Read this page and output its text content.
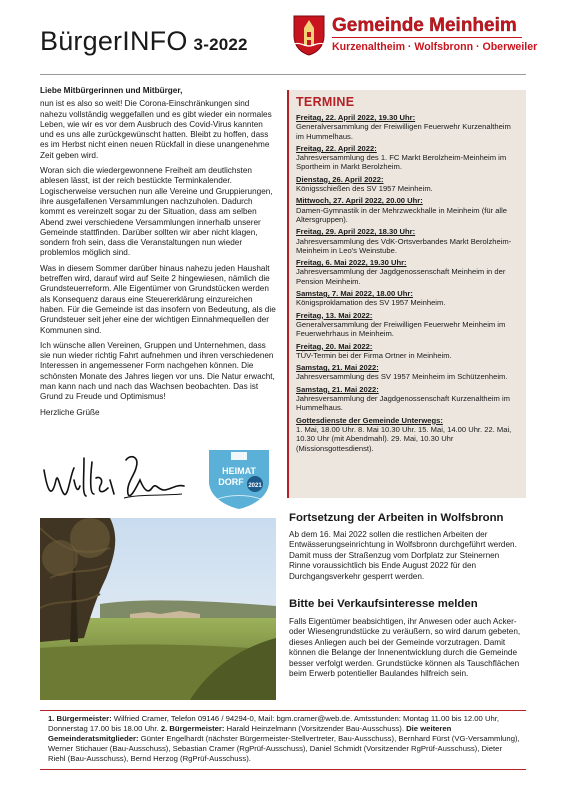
BürgerINFO 3-2022
Gemeinde Meinheim
Kurzenaltheim · Wolfsbronn · Oberweiler

Liebe Mitbürgerinnen und Mitbürger,

nun ist es also so weit! Die Corona-Einschränkungen sind nahezu vollständig weggefallen und es gibt wieder ein normales Leben, wie wir es vor dem Ausbruch des Covid-Virus kannten und es uns alle zurückgewünscht hatten. Bleibt zu hoffen, dass es im Herbst nicht einen neuen Rückfall in diese unangenehme Zeit geben wird.

Woran sich die wiedergewonnene Freiheit am deutlichsten ablesen lässt, ist der reich bestückte Terminkalender. Logischerweise versuchen nun alle Vereine und Gruppierungen, ihre ausgefallenen Versammlungen nachzuholen. Dadurch kommt es vereinzelt sogar zu der Situation, dass am selben Abend zwei verschiedene Versammlungen innerhalb unserer Gemeinde stattfinden. Darüber sollten wir aber nicht klagen, sondern froh sein, dass die Veranstaltungen nun wieder problemlos möglich sind.

Was in diesem Sommer darüber hinaus nahezu jeden Haushalt betreffen wird, darauf wird auf Seite 2 hingewiesen, nämlich die Grundsteuerreform. Alle Eigentümer von Grundstücken werden als Konsequenz daraus eine Steuererklärung einzureichen haben. Für die Gemeinde ist das insofern von Bedeutung, als die Grundsteuer seit jeher eine der wichtigen Einnahmequellen der Kommunen sind.

Ich wünsche allen Vereinen, Gruppen und Unternehmen, dass sie nun wieder richtig Fahrt aufnehmen und ihren verschiedenen Interessen in angemessener Form nachgehen können. Die schönsten Monate des Jahres liegen vor uns. Die Natur erwacht, man kann nach und nach das Wachsen beobachten. Das ist Grund zu Freude und Optimismus!

Herzliche Grüße

HEIMAT
DORF 2021
TERMINE
Freitag, 22. April 2022, 19.30 Uhr:
Generalversammlung der Freiwilligen Feuerwehr Kurzenaltheim im Hummelhaus.
Freitag, 22. April 2022:
Jahresversammlung des 1. FC Markt Berolzheim-Meinheim im Sportheim in Markt Berolzheim.
Dienstag, 26. April 2022:
Königsschießen des SV 1957 Meinheim.
Mittwoch, 27. April 2022, 20.00 Uhr:
Damen-Gymnastik in der Mehrzweckhalle in Meinheim (für alle Altersgruppen).
Freitag, 29. April 2022, 18.30 Uhr:
Jahresversammlung des VdK-Ortsverbandes Markt Berolzheim-Meinheim in Leo's Weinstube.
Freitag, 6. Mai 2022, 19.30 Uhr:
Jahresversammlung der Jagdgenossenschaft Meinheim in der Pension Meinheim.
Samstag, 7. Mai 2022, 18.00 Uhr:
Königsproklamation des SV 1957 Meinheim.
Freitag, 13. Mai 2022:
Generalversammlung der Freiwilligen Feuerwehr Meinheim im Feuerwehrhaus in Meinheim.
Freitag, 20. Mai 2022:
TÜV-Termin bei der Firma Ortner in Meinheim.
Samstag, 21. Mai 2022:
Jahresversammlung des SV 1957 Meinheim im Schützenheim.
Samstag, 21. Mai 2022:
Jahresversammlung der Jagdgenossenschaft Kurzenaltheim im Hummelhaus.
Gottesdienste der Gemeinde Unterwegs:
1. Mai, 18.00 Uhr. 8. Mai 10.30 Uhr. 15. Mai, 14.00 Uhr. 22. Mai, 10.30 Uhr (mit Abendmahl). 29. Mai, 10.30 Uhr (Missionsgottesdienst).
Fortsetzung der Arbeiten in Wolfsbronn
Ab dem 16. Mai 2022 sollen die restlichen Arbeiten der Entwässerungseinrichtung in Wolfsbronn durchgeführt werden. Damit muss der Straßenzug vom Dorfplatz zur Steinernen Rinne voraussichtlich bis Ende August 2022 für den Durchgangsverkehr gesperrt werden.
Bitte bei Verkaufsinteresse melden
Falls Eigentümer beabsichtigen, ihr Anwesen oder auch Acker- oder Wiesengrundstücke zu veräußern, so wird darum gebeten, dieses Anliegen auch bei der Gemeinde vorzutragen. Damit können die Belange der Innenentwicklung durch die Gemeinde besser verfolgt werden. Grundstücke können als Tauschflächen beim Erwerb potentieller Baulandes hilfreich sein.
1. Bürgermeister: Wilfried Cramer, Telefon 09146 / 94294-0, Mail: bgm.cramer@web.de. Amtsstunden: Montag 11.00 bis 12.00 Uhr, Donnerstag 17.00 bis 18.00 Uhr. 2. Bürgermeister: Harald Heinzelmann (Vorsitzender Bau-Ausschuss). Die weiteren Gemeinderatsmitglieder: Günter Engelhardt (nächster Bürgermeister-Stellvertreter, Bau-Ausschuss), Bernhard Fürst (VG-Versammlung), Werner Stichauer (Bau-Ausschuss), Sebastian Cramer (RgPrüf-Ausschuss), Daniel Schmidt (Vorsitzender RgPrüf-Ausschuss), Dieter Riehl (Bau-Ausschuss), Bernd Herzog (RgPrüf-Ausschuss).
